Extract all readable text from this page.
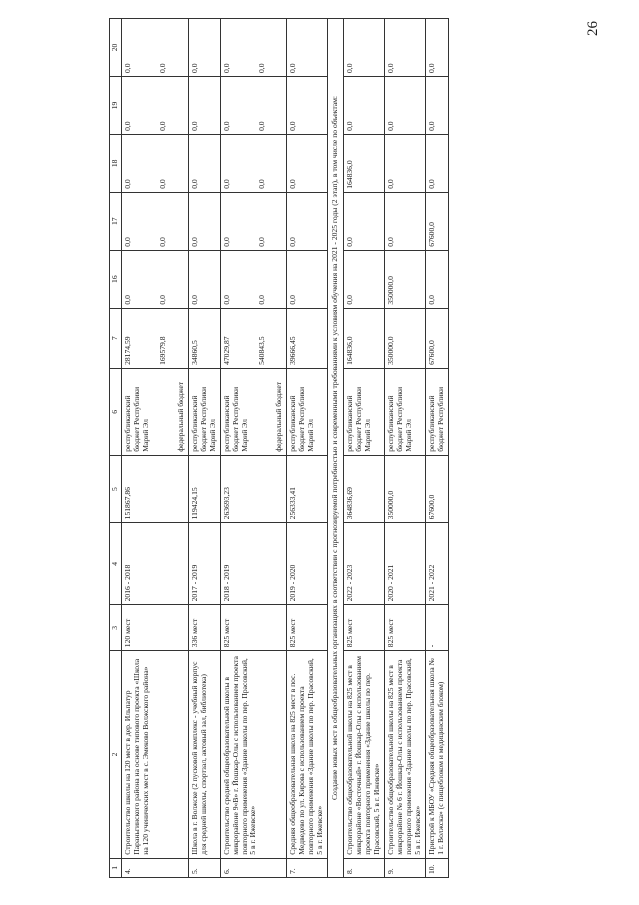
26
1	2	3	4	5	6	7	16	17	18	19	20
4.	Строительство школы на 120 мест в дер. Ильпатур Параньгинского района на основе типового проекта «Школа на 120 ученических мест в с. Эмеково Волжского района»	120 мест	2016 - 2018	151867,86	республиканский бюджет Республики Марий Эл федеральный бюджет	28174,59 169579,8	0,0 0,0	0,0 0,0	0,0 0,0	0,0 0,0	0,0 0,0

5.	Школа в г. Волжске (2 пусковой комплекс - учебный корпус для средней школы, спортзал, актовый зал, библиотека)	336 мест	2017 - 2019	119424,15	республиканский бюджет Республики Марий Эл	34860,5	0,0	0,0	0,0	0,0	0,0

6.	Строительство средней общеобразовательной школы в микрорайоне 9«В» г. Йошкар-Олы с использованием проекта повторного применения «Здание школы по пер. Прасовский, 5 в г. Ижевске»	825 мест	2018 - 2019	263693,23	республиканский бюджет Республики Марий Эл федеральный бюджет	47029,87 540843,5	0,0 0,0	0,0 0,0	0,0 0,0	0,0 0,0	0,0 0,0

7.	Средняя общеобразовательная школа на 825 мест в пос. Медведево по ул. Кирова с использованием проекта повторного применения «Здание школы по пер. Прасовский, 5 в г. Ижевске»	825 мест	2019 - 2020	256333,41	республиканский бюджет Республики Марий Эл	39666,45	0,0	0,0	0,0	0,0	0,0

Создание новых мест в общеобразовательных организациях в соответствии с прогнозируемой потребностью и современными требованиями к условиям обучения на 2021 - 2025 годы (2 этап), в том числе по объектам:											
8.	Строительство общеобразовательной школы на 825 мест в микрорайоне «Восточный» г. Йошкар-Олы с использованием проекта повторного применения «Здание школы по пер. Прасовский, 5 в г. Ижевске»	825 мест	2022 - 2023	364836,69	республиканский бюджет Республики Марий Эл	164836,0	0,0	0,0	164836,0	0,0	0,0

9.	Строительство общеобразовательной школы на 825 мест в микрорайоне № 6 г. Йошкар-Олы с использованием проекта повторного применения «Здание школы по пер. Прасовский, 5 в г. Ижевске»	825 мест	2020 - 2021	350000,0	республиканский бюджет Республики Марий Эл	350000,0	350000,0	0,0	0,0	0,0	0,0

10.	Пристрой к МБОУ «Средняя общеобразовательная школа № 1 г. Волжска» (с пищеблоком и медицинским блоком)	-	2021 - 2022	67600,0	республиканский бюджет Республики	67600,0	0,0	67600,0	0,0	0,0	0,0
